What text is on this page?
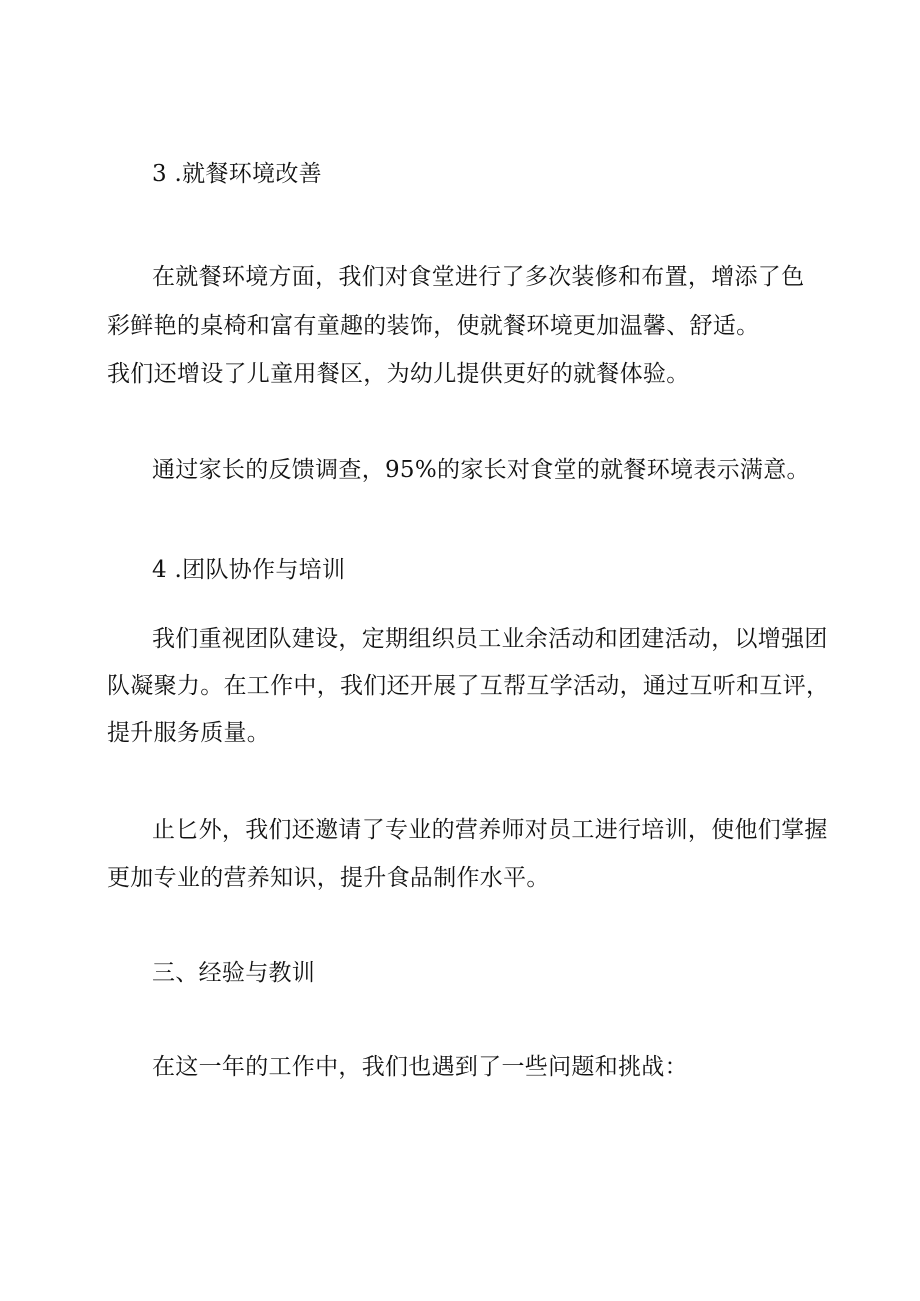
3 .就餐环境改善
在就餐环境方面，我们对食堂进行了多次装修和布置，增添了色
彩鲜艳的桌椅和富有童趣的装饰，使就餐环境更加温馨、舒适。
我们还增设了儿童用餐区，为幼儿提供更好的就餐体验。
通过家长的反馈调查，95%的家长对食堂的就餐环境表示满意。
4 .团队协作与培训
我们重视团队建设，定期组织员工业余活动和团建活动，以增强团
队凝聚力。在工作中，我们还开展了互帮互学活动，通过互听和互评，
提升服务质量。
止匕外，我们还邀请了专业的营养师对员工进行培训，使他们掌握
更加专业的营养知识，提升食品制作水平。
三、经验与教训
在这一年的工作中，我们也遇到了一些问题和挑战：
